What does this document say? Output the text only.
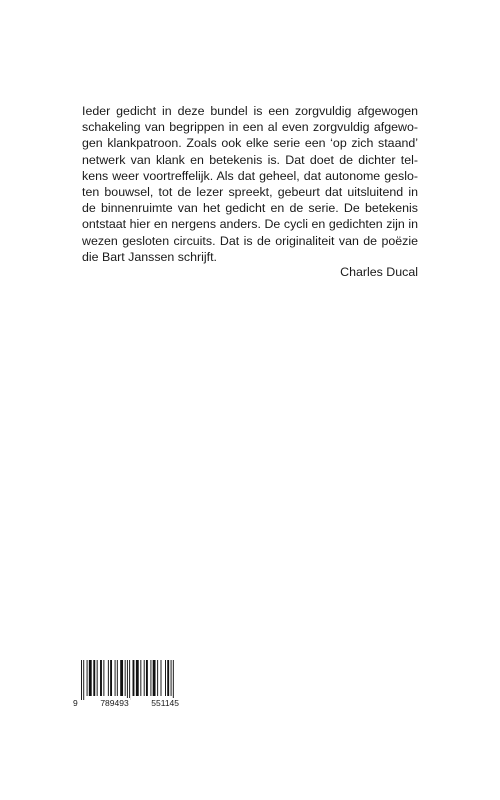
Ieder gedicht in deze bundel is een zorgvuldig afgewogen
schakeling van begrippen in een al even zorgvuldig afgewo-
gen klankpatroon. Zoals ook elke serie een ‘op zich staand’
netwerk van klank en betekenis is. Dat doet de dichter tel-
kens weer voortreffelijk. Als dat geheel, dat autonome geslo-
ten bouwsel, tot de lezer spreekt, gebeurt dat uitsluitend in
de binnenruimte van het gedicht en de serie. De betekenis
ontstaat hier en nergens anders. De cycli en gedichten zijn in
wezen gesloten circuits. Dat is de originaliteit van de poëzie
die Bart Janssen schrijft.

Charles Ducal

9	789493	551145
